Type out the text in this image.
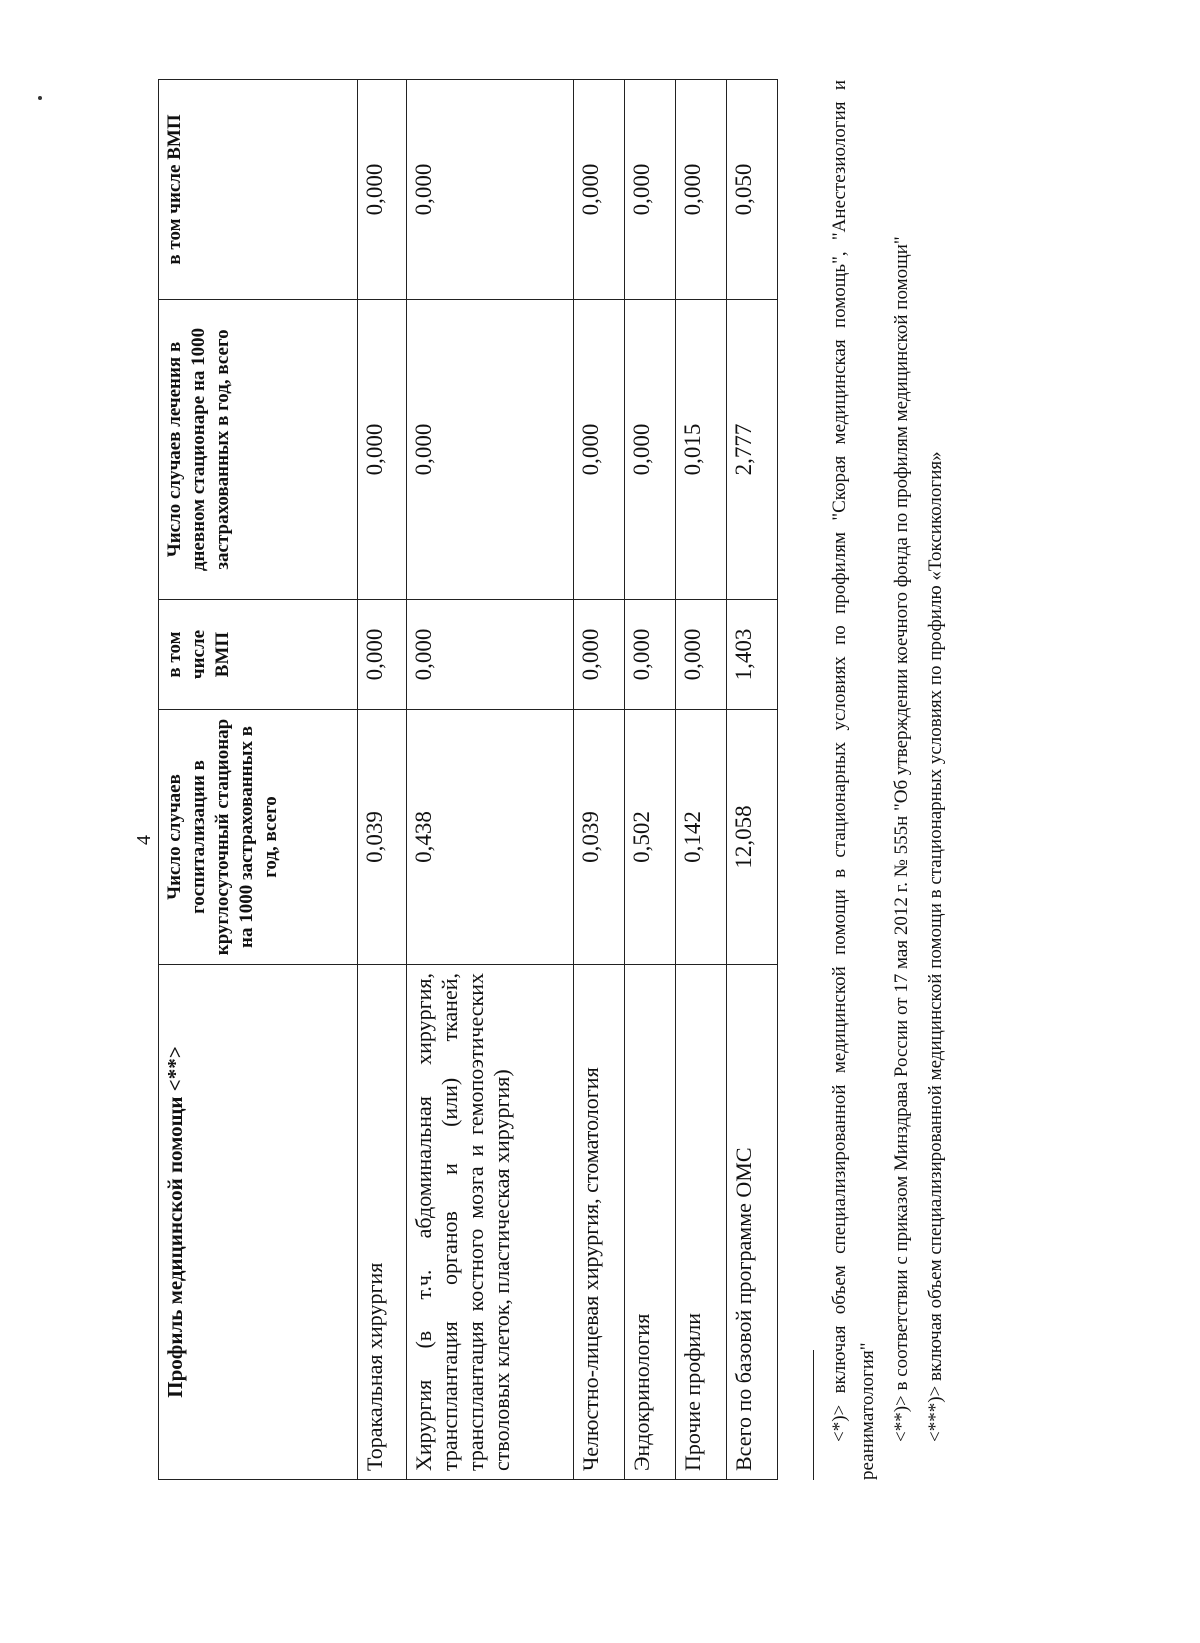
4
Профиль медицинской помощи <**>	Число случаев госпитализации в круглосуточный стационар на 1000 застрахованных в год, всего	в том числе ВМП	Число случаев лечения в дневном стационаре на 1000 застрахованных в год, всего	в том числе ВМП
Торакальная хирургия	0,039	0,000	0,000	0,000
Хирургия (в т.ч. абдоминальная хирургия, трансплантация органов и (или) тканей, трансплантация костного мозга и гемопоэтических стволовых клеток, пластическая хирургия)	0,438	0,000	0,000	0,000
Челюстно-лицевая хирургия, стоматология	0,039	0,000	0,000	0,000
Эндокринология	0,502	0,000	0,000	0,000
Прочие профили	0,142	0,000	0,015	0,000
Всего по базовой программе ОМС	12,058	1,403	2,777	0,050	<*)> включая объем специализированной медицинской помощи в стационарных условиях по профилям "Скорая медицинская помощь", "Анестезиология и реаниматология" <**)> в соответствии с приказом Минздрава России от 17 мая 2012 г. № 555н "Об утверждении коечного фонда по профилям медицинской помощи" <***)> включая объем специализированной медицинской помощи в стационарных условиях по профилю «Токсикология»
